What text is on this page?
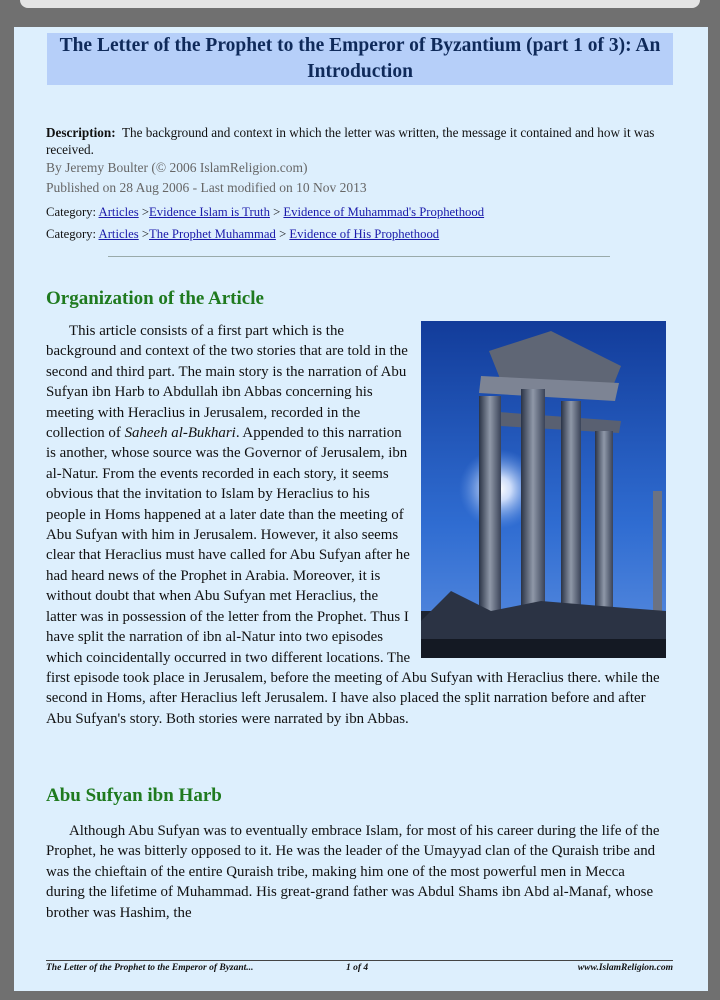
The Letter of the Prophet to the Emperor of Byzantium (part 1 of 3): An Introduction
Description: The background and context in which the letter was written, the message it contained and how it was received.
By Jeremy Boulter (© 2006 IslamReligion.com)
Published on 28 Aug 2006 - Last modified on 10 Nov 2013
Category: Articles >Evidence Islam is Truth > Evidence of Muhammad's Prophethood
Category: Articles >The Prophet Muhammad > Evidence of His Prophethood
Organization of the Article

This article consists of a first part which is the background and context of the two stories that are told in the second and third part. The main story is the narration of Abu Sufyan ibn Harb to Abdullah ibn Abbas concerning his meeting with Heraclius in Jerusalem, recorded in the collection of Saheeh al-Bukhari. Appended to this narration is another, whose source was the Governor of Jerusalem, ibn al-Natur. From the events recorded in each story, it seems obvious that the invitation to Islam by Heraclius to his people in Homs happened at a later date than the meeting of Abu Sufyan with him in Jerusalem. However, it also seems clear that Heraclius must have called for Abu Sufyan after he had heard news of the Prophet in Arabia. Moreover, it is without doubt that when Abu Sufyan met Heraclius, the latter was in possession of the letter from the Prophet. Thus I have split the narration of ibn al-Natur into two episodes which coincidentally occurred in two different locations. The first episode took place in Jerusalem, before the meeting of Abu Sufyan with Heraclius there. while the second in Homs, after Heraclius left Jerusalem. I have also placed the split narration before and after Abu Sufyan's story. Both stories were narrated by ibn Abbas.

Abu Sufyan ibn Harb

Although Abu Sufyan was to eventually embrace Islam, for most of his career during the life of the Prophet, he was bitterly opposed to it. He was the leader of the Umayyad clan of the Quraish tribe and was the chieftain of the entire Quraish tribe, making him one of the most powerful men in Mecca during the lifetime of Muhammad. His great-grand father was Abdul Shams ibn Abd al-Manaf, whose brother was Hashim, the

The Letter of the Prophet to the Emperor of Byzant...	1 of 4	www.IslamReligion.com
